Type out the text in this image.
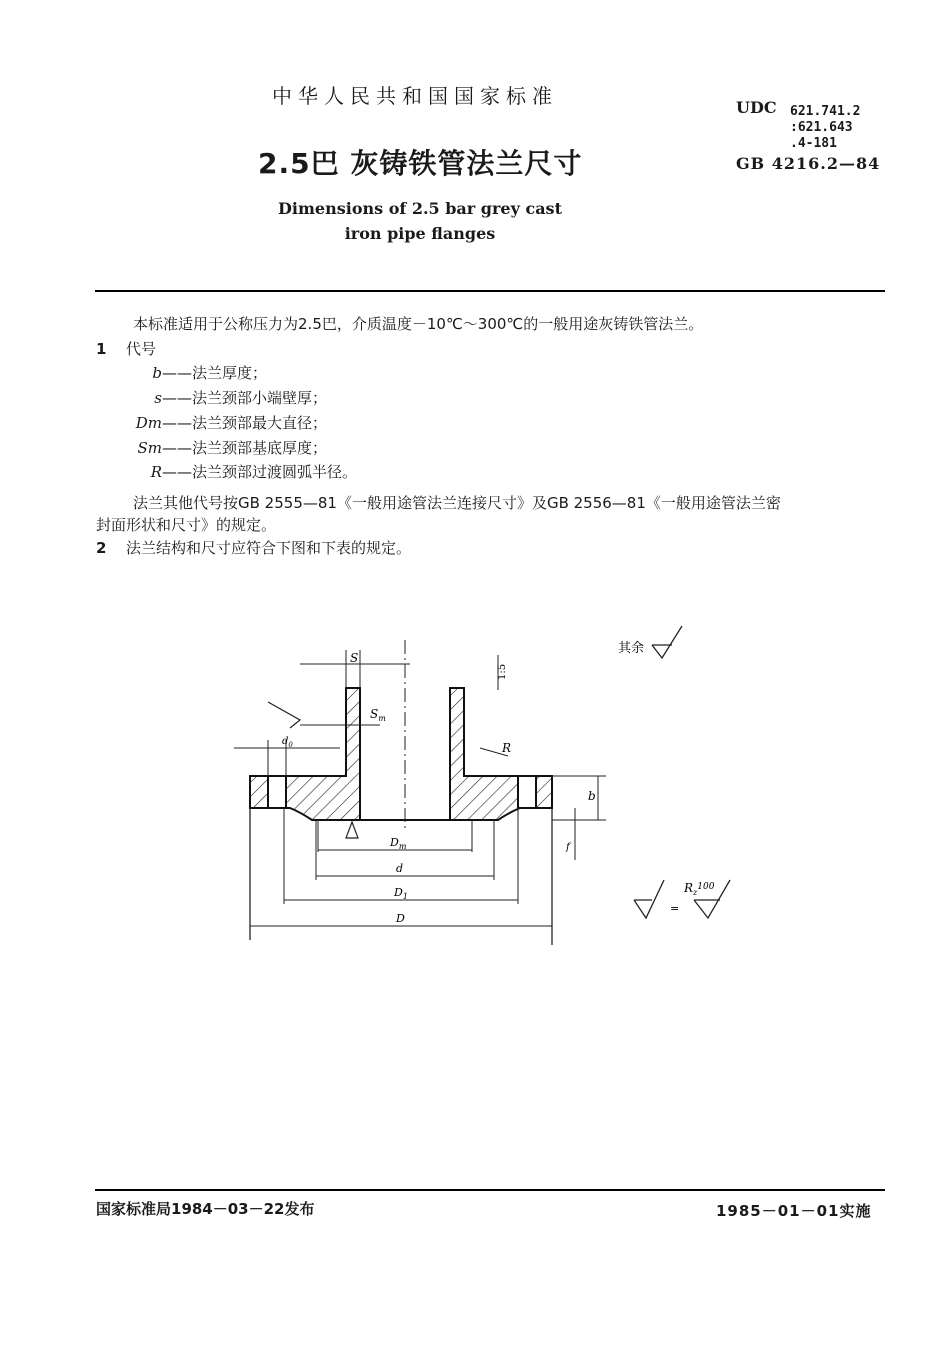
中华人民共和国国家标准	UDC 621.741.2
:621.643
.4-181
GB 4216.2—84
2.5巴 灰铸铁管法兰尺寸
Dimensions of 2.5 bar grey cast
iron pipe flanges
本标准适用于公称压力为2.5巴，介质温度－10℃～300℃的一般用途灰铸铁管法兰。
1 代号
b——法兰厚度；
s——法兰颈部小端壁厚；
Dm——法兰颈部最大直径；
Sm——法兰颈部基底厚度；
R——法兰颈部过渡圆弧半径。
法兰其他代号按GB 2555—81《一般用途管法兰连接尺寸》及GB 2556—81《一般用途管法兰密
封面形状和尺寸》的规定。
2 法兰结构和尺寸应符合下图和下表的规定。
其余
S
$S_m$
$d_0$	R
b
f
$D_m$
d
$D_1$
D
1:5
=
$R_z^{100}$
国家标准局1984－03－22发布	1985－01－01实施
